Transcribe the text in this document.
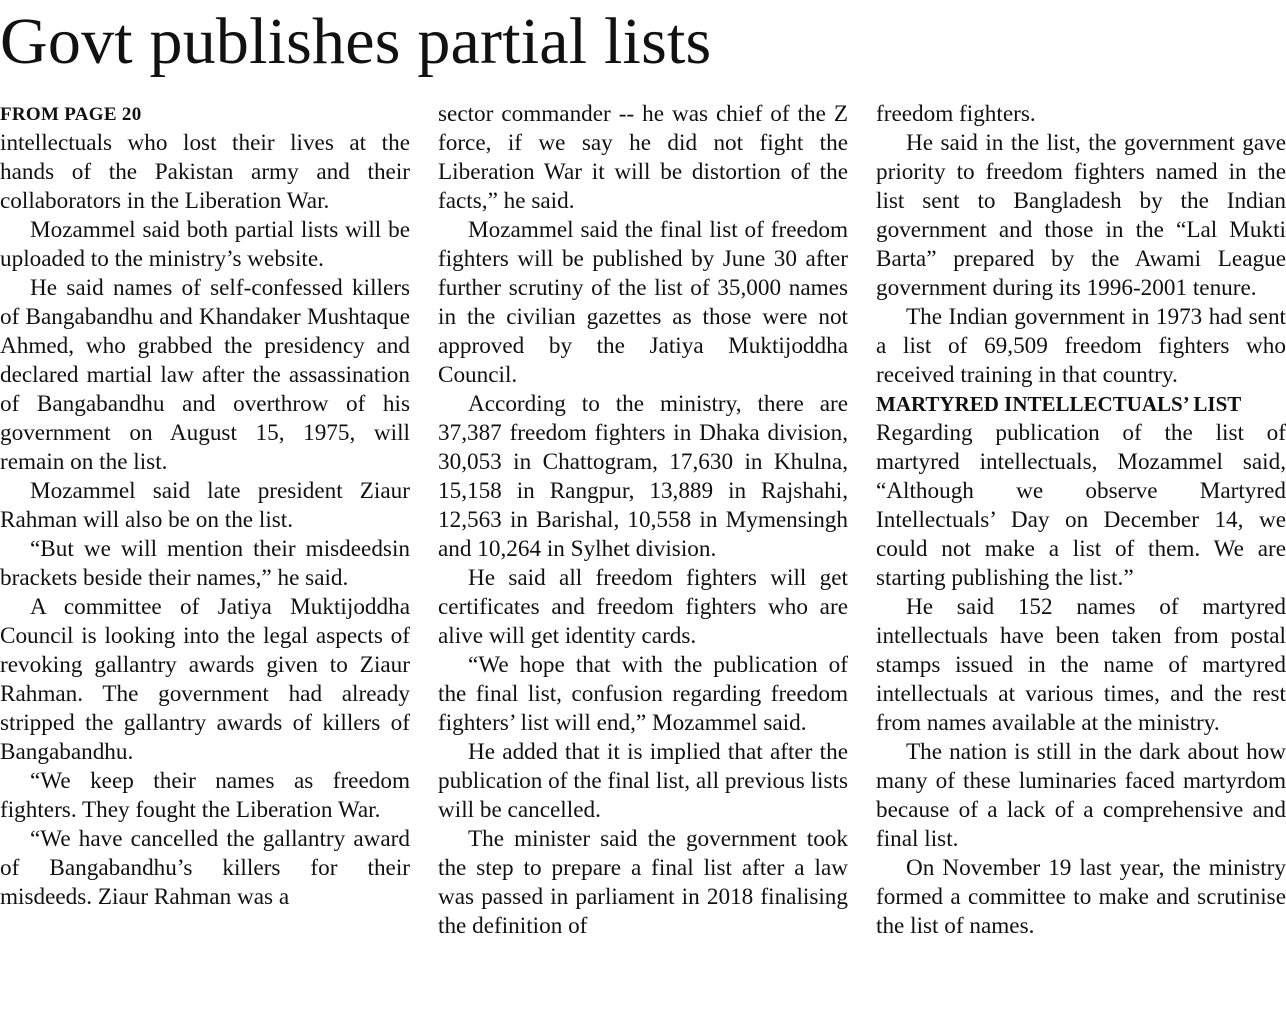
Govt publishes partial lists
FROM PAGE 20

intellectuals who lost their lives at the hands of the Pakistan army and their collaborators in the Liberation War.

Mozammel said both partial lists will be uploaded to the ministry’s website.

He said names of self-confessed killers of Bangabandhu and Khandaker Mushtaque Ahmed, who grabbed the presidency and declared martial law after the assassination of Bangabandhu and overthrow of his government on August 15, 1975, will remain on the list.

Mozammel said late president Ziaur Rahman will also be on the list.

“But we will mention their misdeedsin brackets beside their names,” he said.

A committee of Jatiya Muktijoddha Council is looking into the legal aspects of revoking gallantry awards given to Ziaur Rahman. The government had already stripped the gallantry awards of killers of Bangabandhu.

“We keep their names as freedom fighters. They fought the Liberation War.

“We have cancelled the gallantry award of Bangabandhu’s killers for their misdeeds. Ziaur Rahman was a

sector commander -- he was chief of the Z force, if we say he did not fight the Liberation War it will be distortion of the facts,” he said.

Mozammel said the final list of freedom fighters will be published by June 30 after further scrutiny of the list of 35,000 names in the civilian gazettes as those were not approved by the Jatiya Muktijoddha Council.

According to the ministry, there are 37,387 freedom fighters in Dhaka division, 30,053 in Chattogram, 17,630 in Khulna, 15,158 in Rangpur, 13,889 in Rajshahi, 12,563 in Barishal, 10,558 in Mymensingh and 10,264 in Sylhet division.

He said all freedom fighters will get certificates and freedom fighters who are alive will get identity cards.

“We hope that with the publication of the final list, confusion regarding freedom fighters’ list will end,” Mozammel said.

He added that it is implied that after the publication of the final list, all previous lists will be cancelled.

The minister said the government took the step to prepare a final list after a law was passed in parliament in 2018 finalising the definition of

freedom fighters.

He said in the list, the government gave priority to freedom fighters named in the list sent to Bangladesh by the Indian government and those in the “Lal Mukti Barta” prepared by the Awami League government during its 1996-2001 tenure.

The Indian government in 1973 had sent a list of 69,509 freedom fighters who received training in that country.

MARTYRED INTELLECTUALS’ LIST

Regarding publication of the list of martyred intellectuals, Mozammel said, “Although we observe Martyred Intellectuals’ Day on December 14, we could not make a list of them. We are starting publishing the list.”

He said 152 names of martyred intellectuals have been taken from postal stamps issued in the name of martyred intellectuals at various times, and the rest from names available at the ministry.

The nation is still in the dark about how many of these luminaries faced martyrdom because of a lack of a comprehensive and final list.

On November 19 last year, the ministry formed a committee to make and scrutinise the list of names.
